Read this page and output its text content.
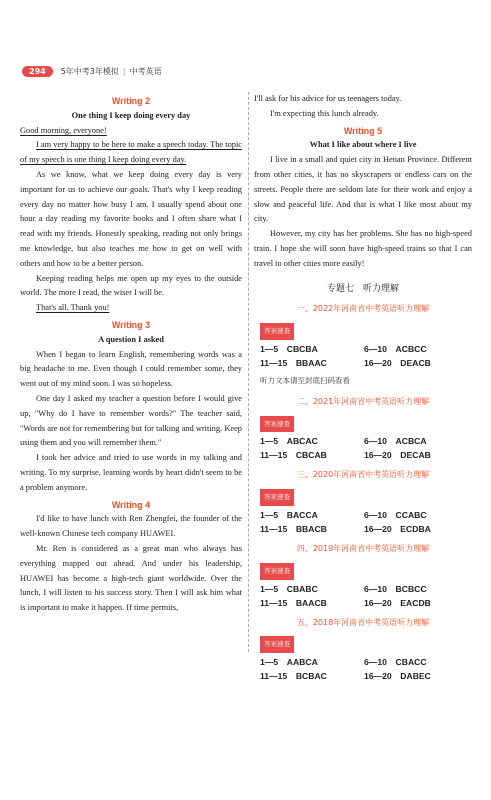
294	5年中考3年模拟 | 中考英语
Writing 2
One thing I keep doing every day

Good morning, everyone!

I am very happy to be here to make a speech today. The topic of my speech is one thing I keep doing every day.

As we know, what we keep doing every day is very important for us to achieve our goals. That's why I keep reading every day no matter how busy I am. I usually spend about one hour a day reading my favorite books and I often share what I read with my friends. Honestly speaking, reading not only brings me knowledge, but also teaches me how to get on well with others and how to be a better person.

Keeping reading helps me open up my eyes to the outside world. The more I read, the wiser I will be.

That's all. Thank you!

Writing 3
A question I asked

When I began to learn English, remembering words was a big headache to me. Even though I could remember some, they went out of my mind soon. I was so hopeless.

One day I asked my teacher a question before I would give up, "Why do I have to remember words?" The teacher said, "Words are not for remembering but for talking and writing. Keep using them and you will remember them."

I took her advice and tried to use words in my talking and writing. To my surprise, learning words by heart didn't seem to be a problem anymore.

Writing 4

I'd like to have lunch with Ren Zhengfei, the founder of the well-known Chinese tech company HUAWEI.

Mr. Ren is considered as a great man who always has everything mapped out ahead. And under his leadership, HUAWEI has become a high-tech giant worldwide. Over the lunch, I will listen to his success story. Then I will ask him what is important to make it happen. If time permits,

I'll ask for his advice for us teenagers today.

I'm expecting this lunch already.

Writing 5
What I like about where I live

I live in a small and quiet city in Henan Province. Different from other cities, it has no skyscrapers or endless cars on the streets. People there are seldom late for their work and enjoy a slow and peaceful life. And that is what I like most about my city.

However, my city has her problems. She has no high-speed train. I hope she will soon have high-speed trains so that I can travel to other cities more easily!

专题七　听力理解
一、2022年河南省中考英语听力理解
答案速查
1—5　CBCBA	6—10　ACBCC
11—15　BBAAC	16—20　DEACB
听力文本请至封底扫码查看
二、2021年河南省中考英语听力理解
答案速查
1—5　ABCAC	6—10　ACBCA
11—15　CBCAB	16—20　DECAB
三、2020年河南省中考英语听力理解
答案速查
1—5　BACCA	6—10　CCABC
11—15　BBACB	16—20　ECDBA
四、2019年河南省中考英语听力理解
答案速查
1—5　CBABC	6—10　BCBCC
11—15　BAACB	16—20　EACDB
五、2018年河南省中考英语听力理解
答案速查
1—5　AABCA	6—10　CBACC
11—15　BCBAC	16—20　DABEC
